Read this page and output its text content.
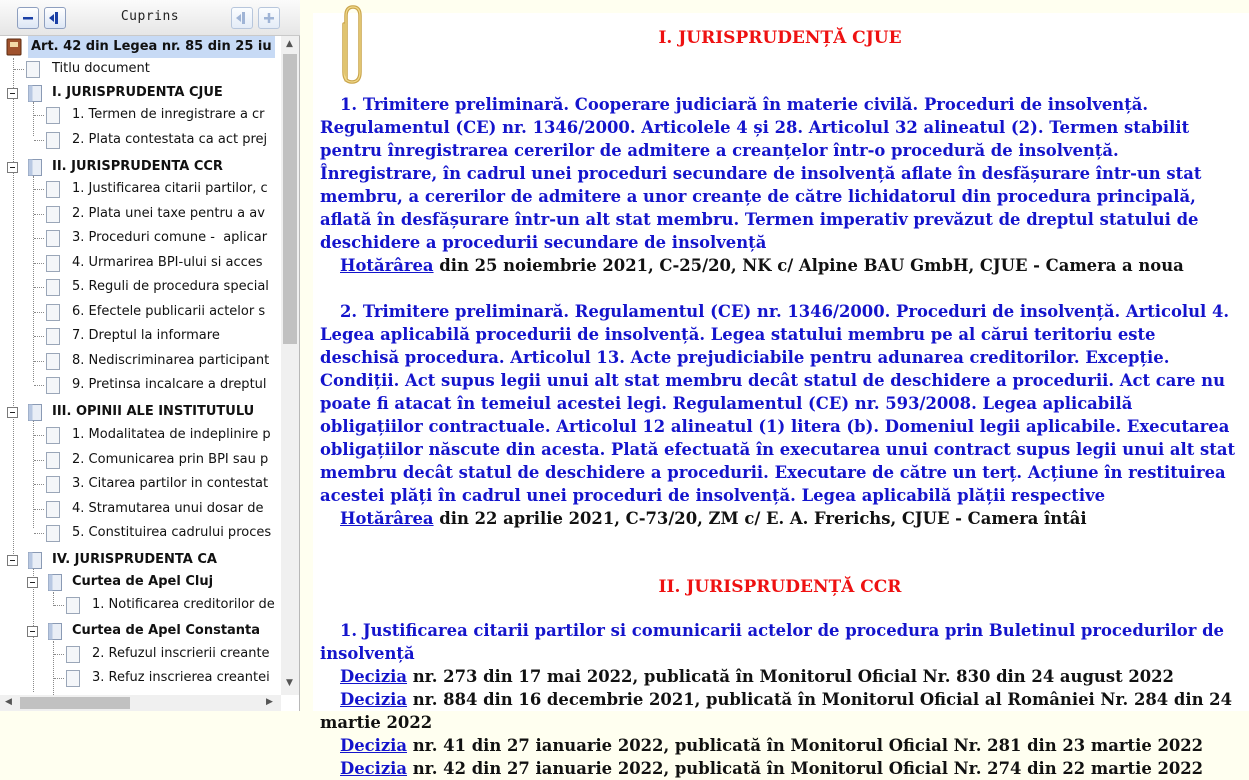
Cuprins
Art. 42 din Legea nr. 85 din 25 iu
Titlu document
I. JURISPRUDENTA CJUE
1. Termen de inregistrare a cr
2. Plata contestata ca act prej
II. JURISPRUDENTA CCR
1. Justificarea citarii partilor, c
2. Plata unei taxe pentru a av
3. Proceduri comune -  aplicar
4. Urmarirea BPI-ului si acces
5. Reguli de procedura special
6. Efectele publicarii actelor s
7. Dreptul la informare
8. Nediscriminarea participant
9. Pretinsa incalcare a dreptul
III. OPINII ALE INSTITUTULU
1. Modalitatea de indeplinire p
2. Comunicarea prin BPI sau p
3. Citarea partilor in contestat
4. Stramutarea unui dosar de
5. Constituirea cadrului proces
IV. JURISPRUDENTA CA
Curtea de Apel Cluj
1. Notificarea creditorilor de
Curtea de Apel Constanta
2. Refuzul inscrierii creante
3. Refuz inscrierea creantei
▲
▼
◀	▶
I. JURISPRUDENȚĂ CJUE
1. Trimitere preliminară. Cooperare judiciară în materie civilă. Proceduri de insolvență. Regulamentul (CE) nr. 1346/2000. Articolele 4 și 28. Articolul 32 alineatul (2). Termen stabilit pentru înregistrarea cererilor de admitere a creanțelor într-o procedură de insolvență. Înregistrare, în cadrul unei proceduri secundare de insolvență aflate în desfășurare într-un stat membru, a cererilor de admitere a unor creanțe de către lichidatorul din procedura principală, aflată în desfășurare într-un alt stat membru. Termen imperativ prevăzut de dreptul statului de deschidere a procedurii secundare de insolvență
Hotărârea din 25 noiembrie 2021, C-25/20, NK c/ Alpine BAU GmbH, CJUE - Camera a noua
2. Trimitere preliminară. Regulamentul (CE) nr. 1346/2000. Proceduri de insolvență. Articolul 4. Legea aplicabilă procedurii de insolvență. Legea statului membru pe al cărui teritoriu este deschisă procedura. Articolul 13. Acte prejudiciabile pentru adunarea creditorilor. Excepție. Condiții. Act supus legii unui alt stat membru decât statul de deschidere a procedurii. Act care nu poate fi atacat în temeiul acestei legi. Regulamentul (CE) nr. 593/2008. Legea aplicabilă obligațiilor contractuale. Articolul 12 alineatul (1) litera (b). Domeniul legii aplicabile. Executarea obligațiilor născute din acesta. Plată efectuată în executarea unui contract supus legii unui alt stat membru decât statul de deschidere a procedurii. Executare de către un terț. Acțiune în restituirea acestei plăți în cadrul unei proceduri de insolvență. Legea aplicabilă plății respective
Hotărârea din 22 aprilie 2021, C-73/20, ZM c/ E. A. Frerichs, CJUE - Camera întâi
II. JURISPRUDENȚĂ CCR
1. Justificarea citarii partilor si comunicarii actelor de procedura prin Buletinul procedurilor de insolvență
Decizia nr. 273 din 17 mai 2022, publicată în Monitorul Oficial Nr. 830 din 24 august 2022
Decizia nr. 884 din 16 decembrie 2021, publicată în Monitorul Oficial al României Nr. 284 din 24 martie 2022
Decizia nr. 41 din 27 ianuarie 2022, publicată în Monitorul Oficial Nr. 281 din 23 martie 2022
Decizia nr. 42 din 27 ianuarie 2022, publicată în Monitorul Oficial Nr. 274 din 22 martie 2022
